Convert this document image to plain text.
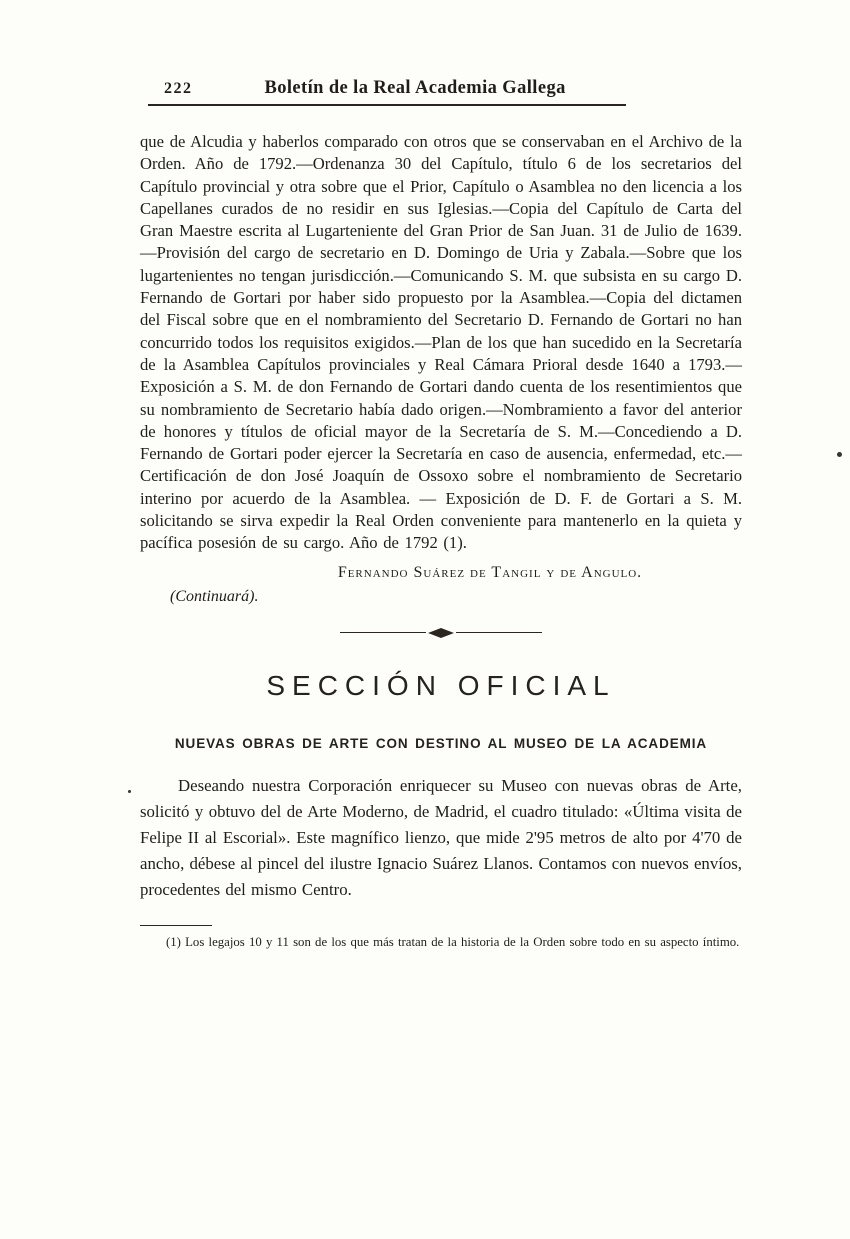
222	Boletín de la Real Academia Gallega
que de Alcudia y haberlos comparado con otros que se conservaban en el Archivo de la Orden. Año de 1792.—Ordenanza 30 del Capítulo, título 6 de los secretarios del Capítulo provincial y otra sobre que el Prior, Capítulo o Asamblea no den licencia a los Capellanes curados de no residir en sus Iglesias.—Copia del Capítulo de Carta del Gran Maestre escrita al Lugarteniente del Gran Prior de San Juan. 31 de Julio de 1639.—Provisión del cargo de secretario en D. Domingo de Uria y Zabala.—Sobre que los lugartenientes no tengan jurisdicción.—Comunicando S. M. que subsista en su cargo D. Fernando de Gortari por haber sido propuesto por la Asamblea.—Copia del dictamen del Fiscal sobre que en el nombramiento del Secretario D. Fernando de Gortari no han concurrido todos los requisitos exigidos.—Plan de los que han sucedido en la Secretaría de la Asamblea Capítulos provinciales y Real Cámara Prioral desde 1640 a 1793.—Exposición a S. M. de don Fernando de Gortari dando cuenta de los resentimientos que su nombramiento de Secretario había dado origen.—Nombramiento a favor del anterior de honores y títulos de oficial mayor de la Secretaría de S. M.—Concediendo a D. Fernando de Gortari poder ejercer la Secretaría en caso de ausencia, enfermedad, etc.—Certificación de don José Joaquín de Ossoxo sobre el nombramiento de Secretario interino por acuerdo de la Asamblea. — Exposición de D. F. de Gortari a S. M. solicitando se sirva expedir la Real Orden conveniente para mantenerlo en la quieta y pacífica posesión de su cargo. Año de 1792 (1).
Fernando Suárez de Tangil y de Angulo.
(Continuará).
SECCIÓN OFICIAL
NUEVAS OBRAS DE ARTE CON DESTINO AL MUSEO DE LA ACADEMIA
Deseando nuestra Corporación enriquecer su Museo con nuevas obras de Arte, solicitó y obtuvo del de Arte Moderno, de Madrid, el cuadro titulado: «Última visita de Felipe II al Escorial». Este magnífico lienzo, que mide 2'95 metros de alto por 4'70 de ancho, débese al pincel del ilustre Ignacio Suárez Llanos. Contamos con nuevos envíos, procedentes del mismo Centro.
(1) Los legajos 10 y 11 son de los que más tratan de la historia de la Orden sobre todo en su aspecto íntimo.
